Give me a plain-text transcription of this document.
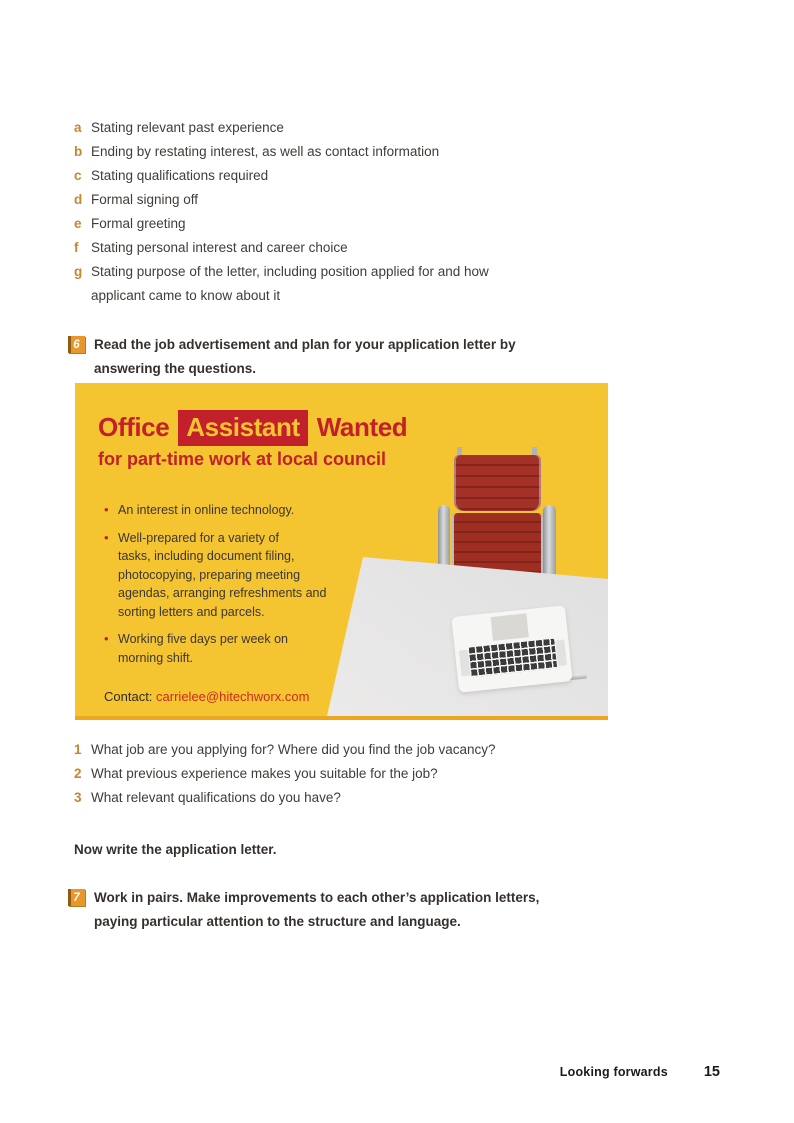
a Stating relevant past experience
b Ending by restating interest, as well as contact information
c Stating qualifications required
d Formal signing off
e Formal greeting
f Stating personal interest and career choice
g Stating purpose of the letter, including position applied for and how
applicant came to know about it
6	Read the job advertisement and plan for your application letter by
answering the questions.
Office Assistant Wanted
for part-time work at local council
• An interest in online technology.
• Well-prepared for a variety of
tasks, including document filing,
photocopying, preparing meeting
agendas, arranging refreshments and
sorting letters and parcels.
• Working five days per week on
morning shift.
Contact: carrielee@hitechworx.com
1 What job are you applying for? Where did you find the job vacancy?
2 What previous experience makes you suitable for the job?
3 What relevant qualifications do you have?
Now write the application letter.
7	Work in pairs. Make improvements to each other’s application letters,
paying particular attention to the structure and language.
Looking forwards 15
